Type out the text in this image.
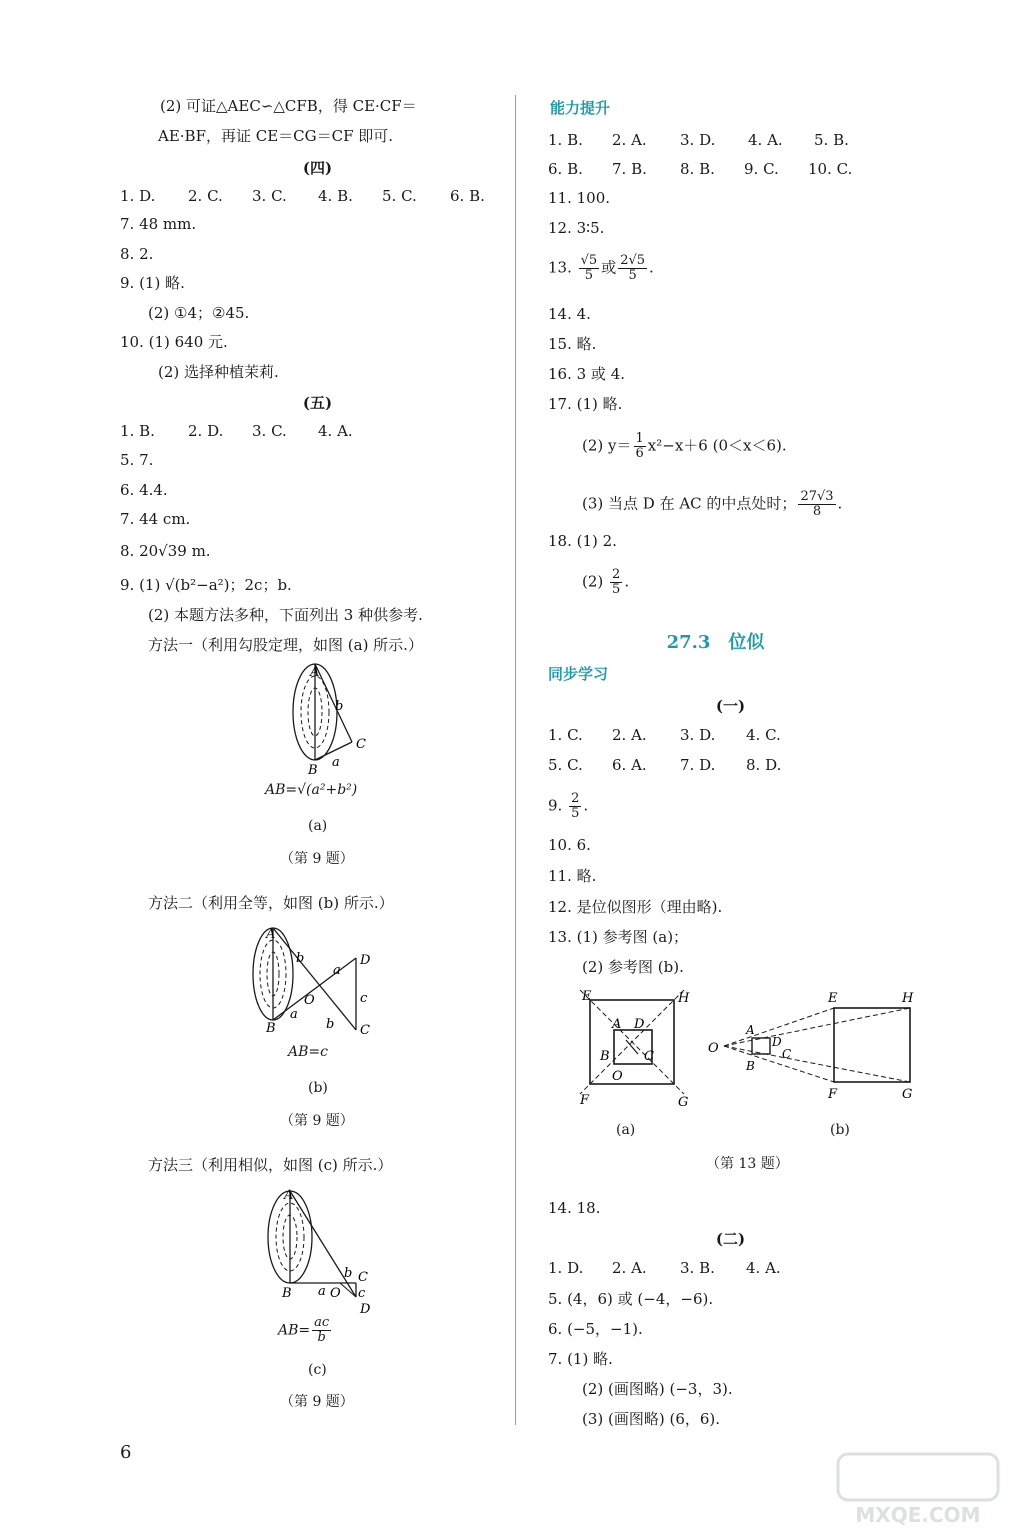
(2) 可证△AEC∽△CFB，得 CE·CF＝
AE·BF，再证 CE＝CG＝CF 即可.
(四)
1. D. 2. C. 3. C. 4. B. 5. C. 6. B.
7. 48 mm.
8. 2.
9. (1) 略.
(2) ①4；②45.
10. (1) 640 元.
(2) 选择种植茉莉.
(五)
1. B. 2. D. 3. C. 4. A.
5. 7.
6. 4.4.
7. 44 cm.
8. 20√39 m.
9. (1) √(b²−a²)；2c；b.
(2) 本题方法多种，下面列出 3 种供参考.
方法一（利用勾股定理，如图 (a) 所示.）
A
b
C
B
a
AB=√(a²+b²)
(a)
（第 9 题）
方法二（利用全等，如图 (b) 所示.）
A
b	D
a
O	c
B
a
b C
AB=c
(b)
（第 9 题）
方法三（利用相似，如图 (c) 所示.）
A
b C
a O c
B
D
$AB= \frac{ac}{b}$
(c)
（第 9 题）
能力提升
1. B. 2. A. 3. D. 4. A. 5. B.
6. B. 7. B. 8. B. 9. C. 10. C.
11. 100.
12. 3∶5.
13. $\frac{√5}{5}$ 或 $\frac{2√5}{5}$ .
14. 4.
15. 略.
16. 3 或 4.
17. (1) 略.
(2) $y= \frac{1}{6} x^2-x+6$ (0＜x＜6).
(3) 当点 D 在 AC 的中点处时； $\frac{27√3}{8}$ .
18. (1) 2.
$(2) \frac{2}{5}$ .
27.3　位似
同步学习
(一)
1. C. 2. A. 3. D. 4. C.
5. C. 6. A. 7. D. 8. D.
9. $\frac{2}{5}$ .
10. 6.
11. 略.
12. 是位似图形（理由略).
13. (1) 参考图 (a)；
(2) 参考图 (b).
E	H
A D
B	C
O
F	G
(a)
O
A
D
C
B
E	H
F	G
(b)
（第 13 题）
14. 18.
(二)
1. D. 2. A. 3. B. 4. A.
5. (4，6) 或 (−4，−6).
6. (−5，−1).
7. (1) 略.
(2) (画图略) (−3，3).
(3) (画图略) (6，6).
6
MXQE.COM
